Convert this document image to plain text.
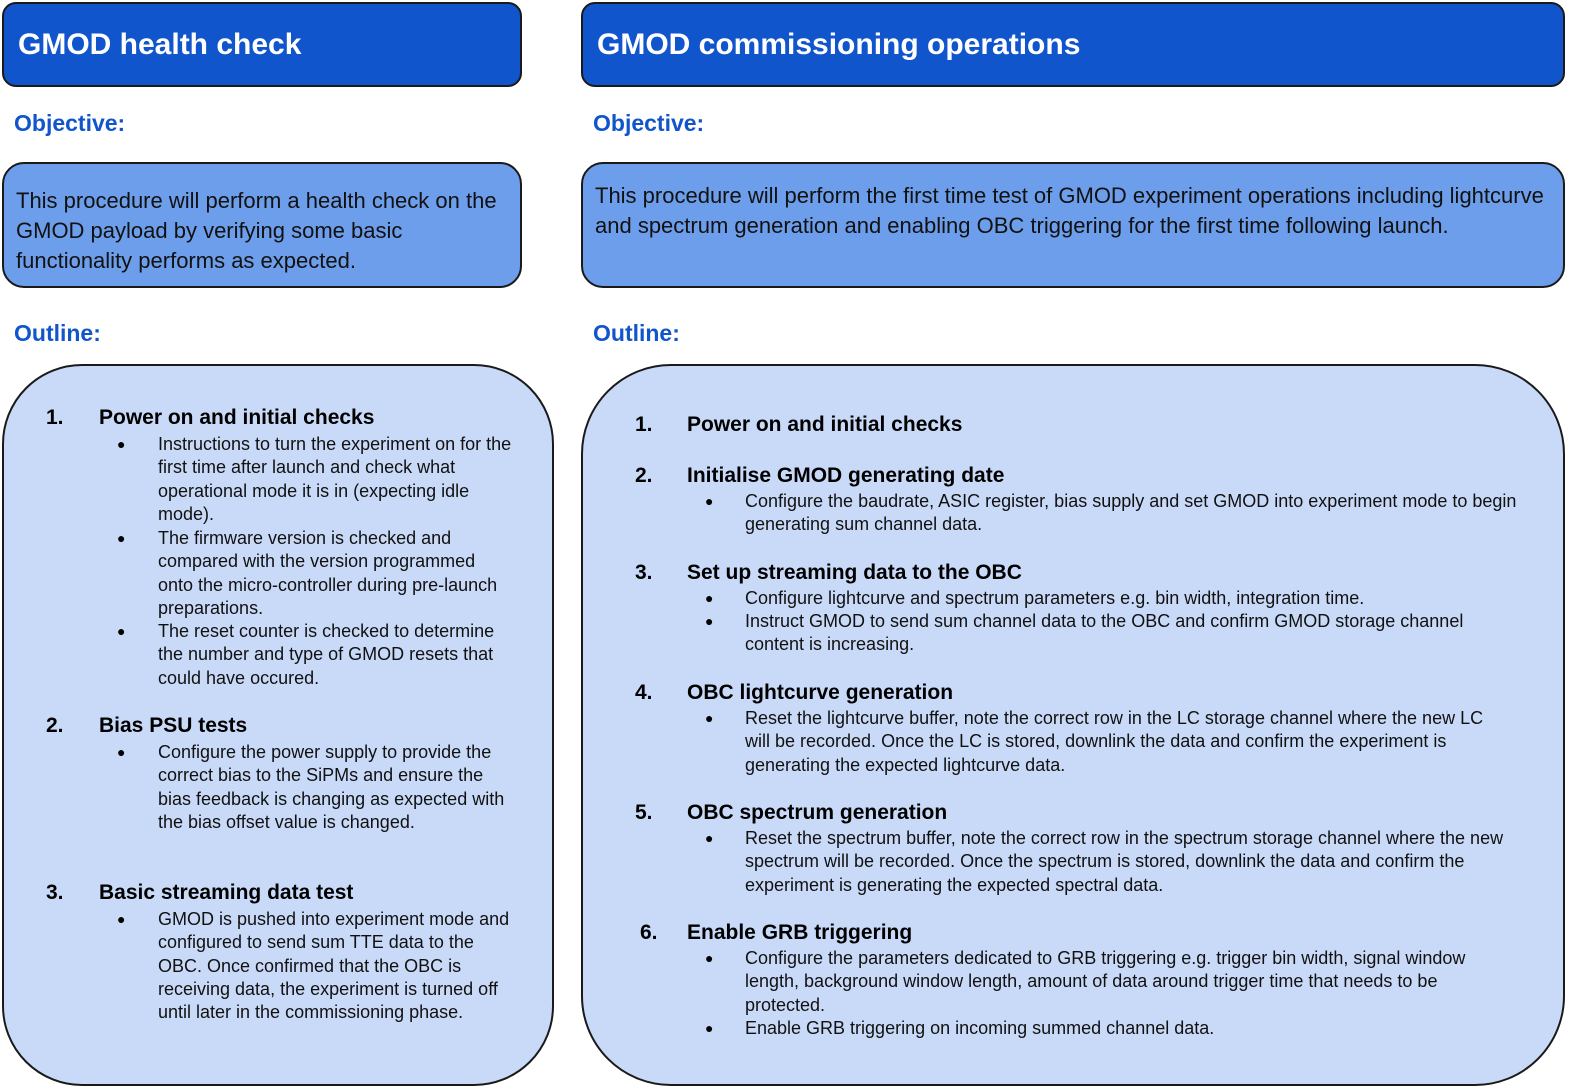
GMOD health check
Objective:
This procedure will perform a health check on the GMOD payload by verifying some basic functionality performs as expected.
Outline:
1. Power on and initial checks
● Instructions to turn the experiment on for the first time after launch and check what operational mode it is in (expecting idle mode).
● The firmware version is checked and compared with the version programmed onto the micro-controller during pre-launch preparations.
● The reset counter is checked to determine the number and type of GMOD resets that could have occured.
2. Bias PSU tests
● Configure the power supply to provide the correct bias to the SiPMs and ensure the bias feedback is changing as expected with the bias offset value is changed.
3. Basic streaming data test
● GMOD is pushed into experiment mode and configured to send sum TTE data to the OBC. Once confirmed that the OBC is receiving data, the experiment is turned off until later in the commissioning phase.
GMOD commissioning operations
Objective:
This procedure will perform the first time test of GMOD experiment operations including lightcurve and spectrum generation and enabling OBC triggering for the first time following launch.
Outline:
1. Power on and initial checks
2. Initialise GMOD generating date
● Configure the baudrate, ASIC register, bias supply and set GMOD into experiment mode to begin generating sum channel data.
3. Set up streaming data to the OBC
● Configure lightcurve and spectrum parameters e.g. bin width, integration time.
● Instruct GMOD to send sum channel data to the OBC and confirm GMOD storage channel content is increasing.
4. OBC lightcurve generation
● Reset the lightcurve buffer, note the correct row in the LC storage channel where the new LC will be recorded. Once the LC is stored, downlink the data and confirm the experiment is generating the expected lightcurve data.
5. OBC spectrum generation
● Reset the spectrum buffer, note the correct row in the spectrum storage channel where the new spectrum will be recorded. Once the spectrum is stored, downlink the data and confirm the experiment is generating the expected spectral data.
6. Enable GRB triggering
● Configure the parameters dedicated to GRB triggering e.g. trigger bin width, signal window length, background window length, amount of data around trigger time that needs to be protected.
● Enable GRB triggering on incoming summed channel data.
